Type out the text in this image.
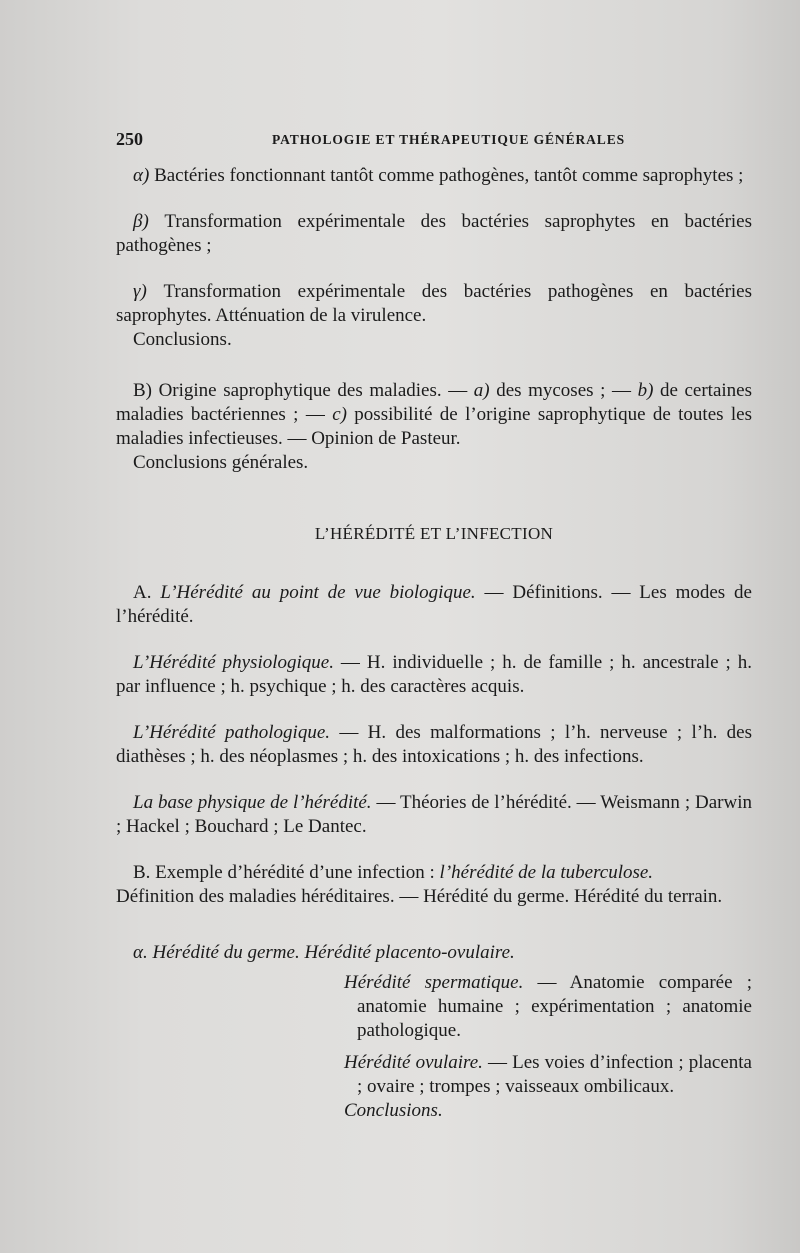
250	PATHOLOGIE ET THÉRAPEUTIQUE GÉNÉRALES

α) Bactéries fonctionnant tantôt comme pathogènes, tantôt comme saprophytes ;

β) Transformation expérimentale des bactéries saprophytes en bactéries pathogènes ;

γ) Transformation expérimentale des bactéries pathogènes en bactéries saprophytes. Atténuation de la virulence.

Conclusions.

B) Origine saprophytique des maladies. — a) des mycoses ; — b) de certaines maladies bactériennes ; — c) possibilité de l’origine saprophytique de toutes les maladies infectieuses. — Opinion de Pasteur.

Conclusions générales.

L’HÉRÉDITÉ ET L’INFECTION

A. L’Hérédité au point de vue biologique. — Définitions. — Les modes de l’hérédité.

L’Hérédité physiologique. — H. individuelle ; h. de famille ; h. ancestrale ; h. par influence ; h. psychique ; h. des caractères acquis.

L’Hérédité pathologique. — H. des malformations ; l’h. nerveuse ; l’h. des diathèses ; h. des néoplasmes ; h. des intoxications ; h. des infections.

La base physique de l’hérédité. — Théories de l’hérédité. — Weismann ; Darwin ; Hackel ; Bouchard ; Le Dantec.

B. Exemple d’hérédité d’une infection : l’hérédité de la tuberculose.

Définition des maladies héréditaires. — Hérédité du germe. Hérédité du terrain.

α. Hérédité du germe. Hérédité placento-ovulaire.

Hérédité spermatique. — Anatomie comparée ; anatomie humaine ; expérimentation ; anatomie pathologique.

Hérédité ovulaire. — Les voies d’infection ; placenta ; ovaire ; trompes ; vaisseaux ombilicaux.

Conclusions.
